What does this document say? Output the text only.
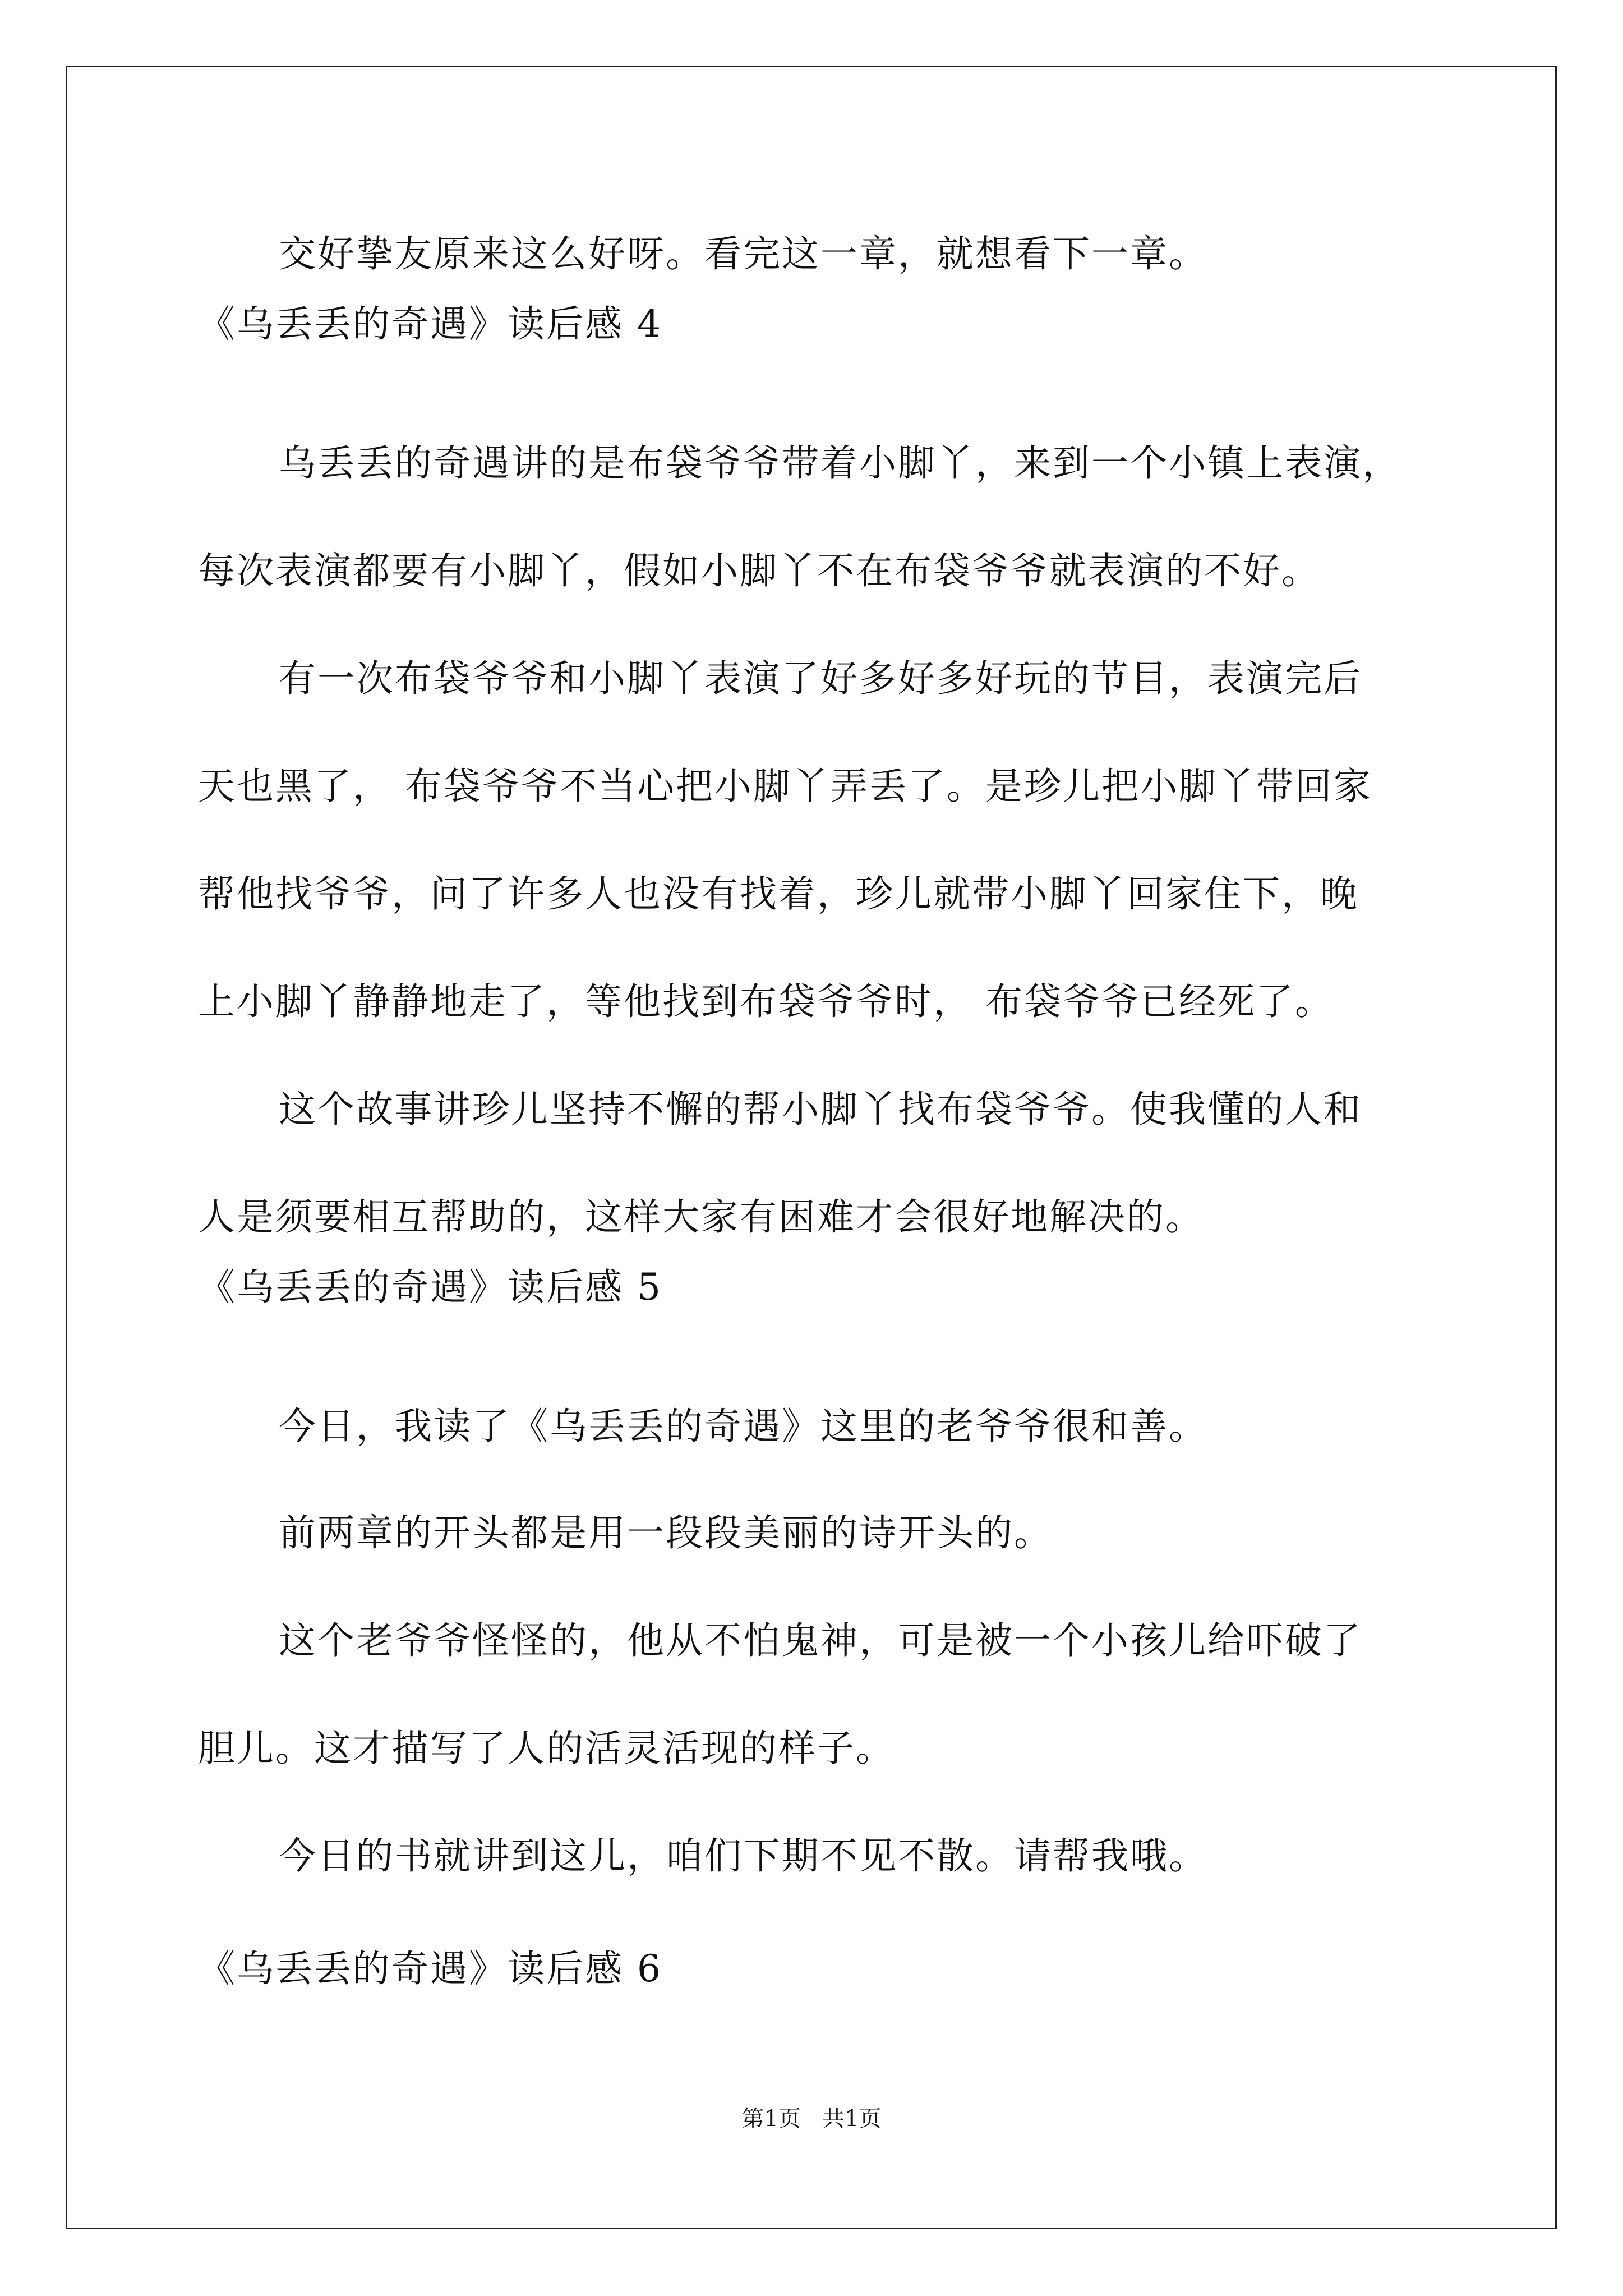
交好挚友原来这么好呀。看完这一章，就想看下一章。
《乌丢丢的奇遇》读后感 4
乌丢丢的奇遇讲的是布袋爷爷带着小脚丫，来到一个小镇上表演，
每次表演都要有小脚丫，假如小脚丫不在布袋爷爷就表演的不好。
有一次布袋爷爷和小脚丫表演了好多好多好玩的节目，表演完后
天也黑了， 布袋爷爷不当心把小脚丫弄丢了。是珍儿把小脚丫带回家
帮他找爷爷，问了许多人也没有找着，珍儿就带小脚丫回家住下，晚
上小脚丫静静地走了，等他找到布袋爷爷时， 布袋爷爷已经死了。
这个故事讲珍儿坚持不懈的帮小脚丫找布袋爷爷。使我懂的人和
人是须要相互帮助的，这样大家有困难才会很好地解决的。
《乌丢丢的奇遇》读后感 5
今日，我读了《乌丢丢的奇遇》这里的老爷爷很和善。
前两章的开头都是用一段段美丽的诗开头的。
这个老爷爷怪怪的，他从不怕鬼神，可是被一个小孩儿给吓破了
胆儿。这才描写了人的活灵活现的样子。
今日的书就讲到这儿，咱们下期不见不散。请帮我哦。
《乌丢丢的奇遇》读后感 6
第1页   共1页
